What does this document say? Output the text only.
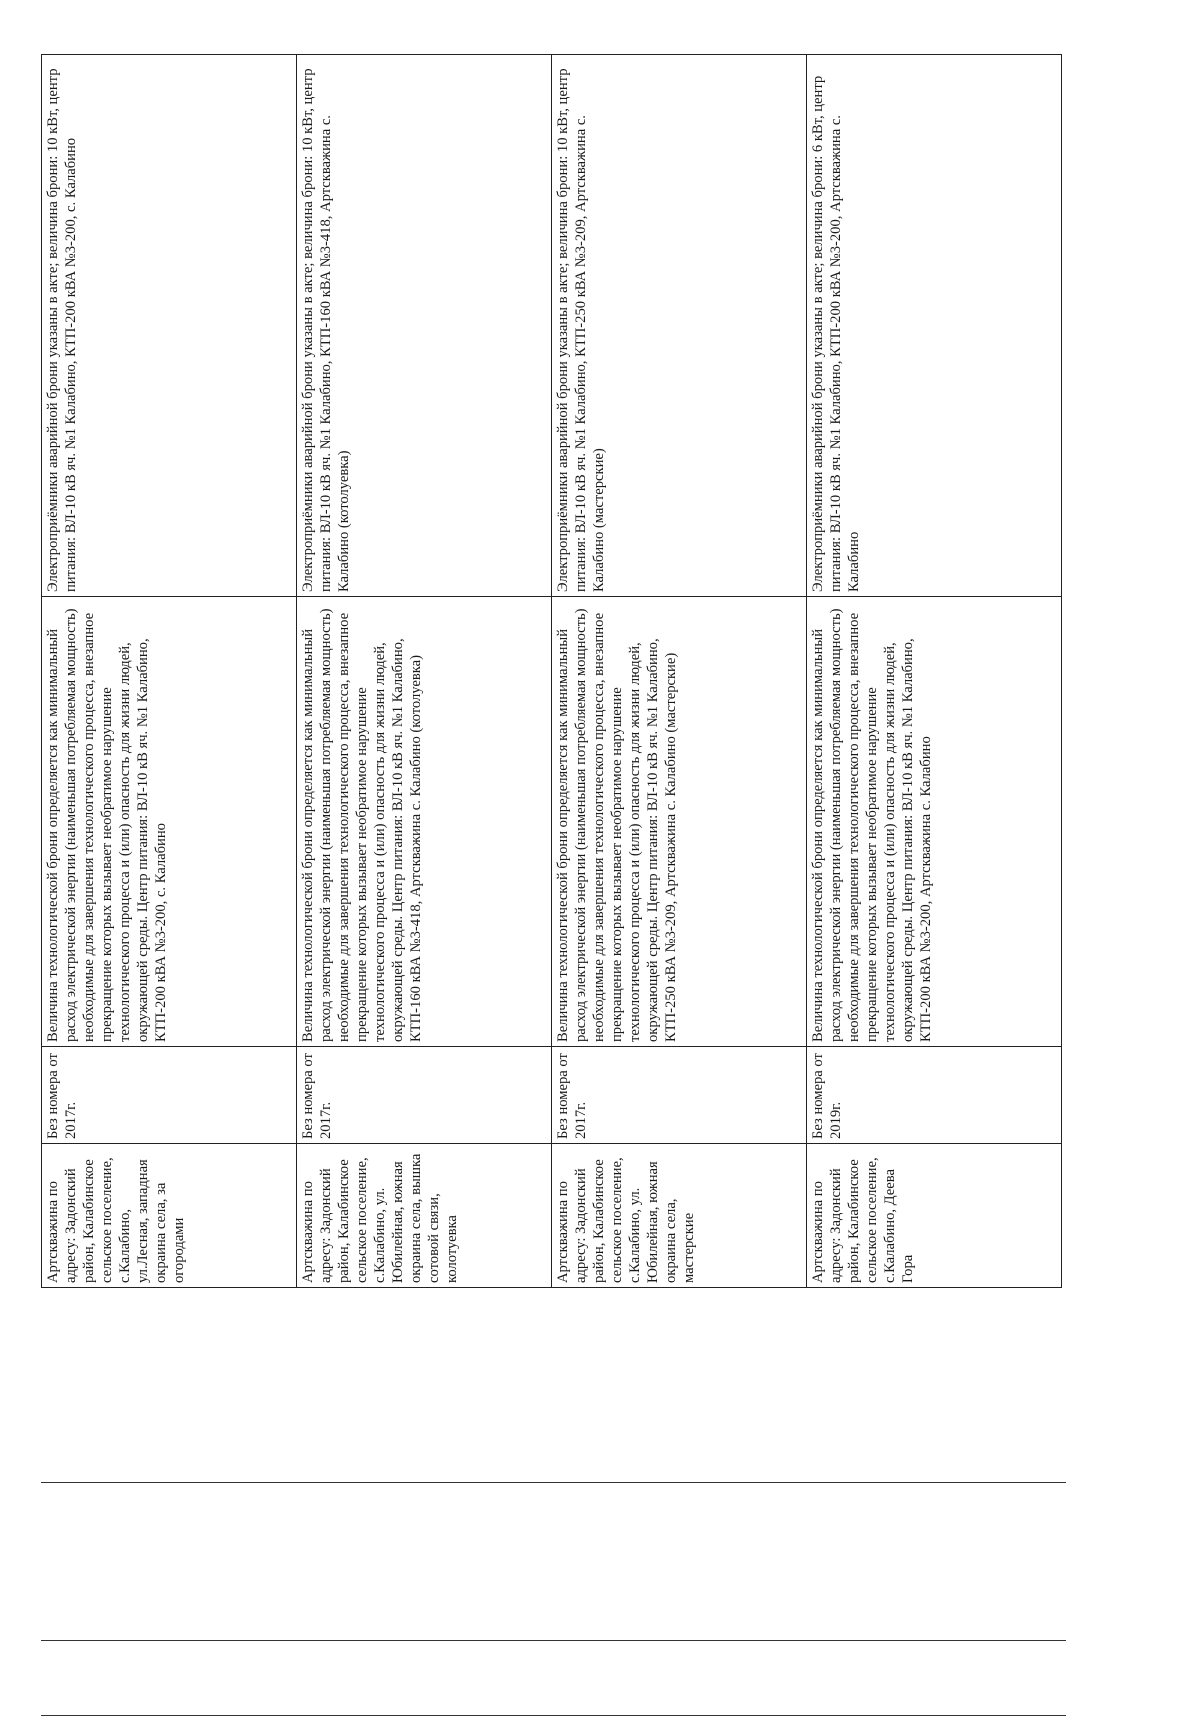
Артскважина по адресу: Задонский район, Калабинское сельское поселение, с.Калабино, ул.Лесная, западная окраина села, за огородами	Без номера от 2017г.	Величина технологической брони определяется как минимальный расход электрической энергии (наименьшая потребляемая мощность) необходимые для завершения технологического процесса, внезапное прекращение которых вызывает необратимое нарушение технологического процесса и (или) опасность для жизни людей, окружающей среды. Центр питания: ВЛ-10 кВ яч. №1 Калабино, КТП-200 кВА №3-200, с. Калабино	Электроприёмники аварийной брони указаны в акте; величина брони: 10 кВт, центр питания: ВЛ-10 кВ яч. №1 Калабино, КТП-200 кВА №3-200, с. Калабино
Артскважина по адресу: Задонский район, Калабинское сельское поселение, с.Калабино, ул. Юбилейная, южная окраина села, вышка сотовой связи, колотуевка	Без номера от 2017г.	Величина технологической брони определяется как минимальный расход электрической энергии (наименьшая потребляемая мощность) необходимые для завершения технологического процесса, внезапное прекращение которых вызывает необратимое нарушение технологического процесса и (или) опасность для жизни людей, окружающей среды. Центр питания: ВЛ-10 кВ яч. №1 Калабино, КТП-160 кВА №3-418, Артскважина с. Калабино (котолуевка)	Электроприёмники аварийной брони указаны в акте; величина брони: 10 кВт, центр питания: ВЛ-10 кВ яч. №1 Калабино, КТП-160 кВА №3-418, Артскважина с. Калабино (котолуевка)
Артскважина по адресу: Задонский район, Калабинское сельское поселение, с.Калабино, ул. Юбилейная, южная окраина села, мастерские	Без номера от 2017г.	Величина технологической брони определяется как минимальный расход электрической энергии (наименьшая потребляемая мощность) необходимые для завершения технологического процесса, внезапное прекращение которых вызывает необратимое нарушение технологического процесса и (или) опасность для жизни людей, окружающей среды. Центр питания: ВЛ-10 кВ яч. №1 Калабино, КТП-250 кВА №3-209, Артскважина с. Калабино (мастерские)	Электроприёмники аварийной брони указаны в акте; величина брони: 10 кВт, центр питания: ВЛ-10 кВ яч. №1 Калабино, КТП-250 кВА №3-209, Артскважина с. Калабино (мастерские)
Артскважина по адресу: Задонский район, Калабинское сельское поселение, с.Калабино, Деева Гора	Без номера от 2019г.	Величина технологической брони определяется как минимальный расход электрической энергии (наименьшая потребляемая мощность) необходимые для завершения технологического процесса, внезапное прекращение которых вызывает необратимое нарушение технологического процесса и (или) опасность для жизни людей, окружающей среды. Центр питания: ВЛ-10 кВ яч. №1 Калабино, КТП-200 кВА №3-200, Артскважина с. Калабино	Электроприёмники аварийной брони указаны в акте; величина брони: 6 кВт, центр питания: ВЛ-10 кВ яч. №1 Калабино, КТП-200 кВА №3-200, Артскважина с. Калабино
